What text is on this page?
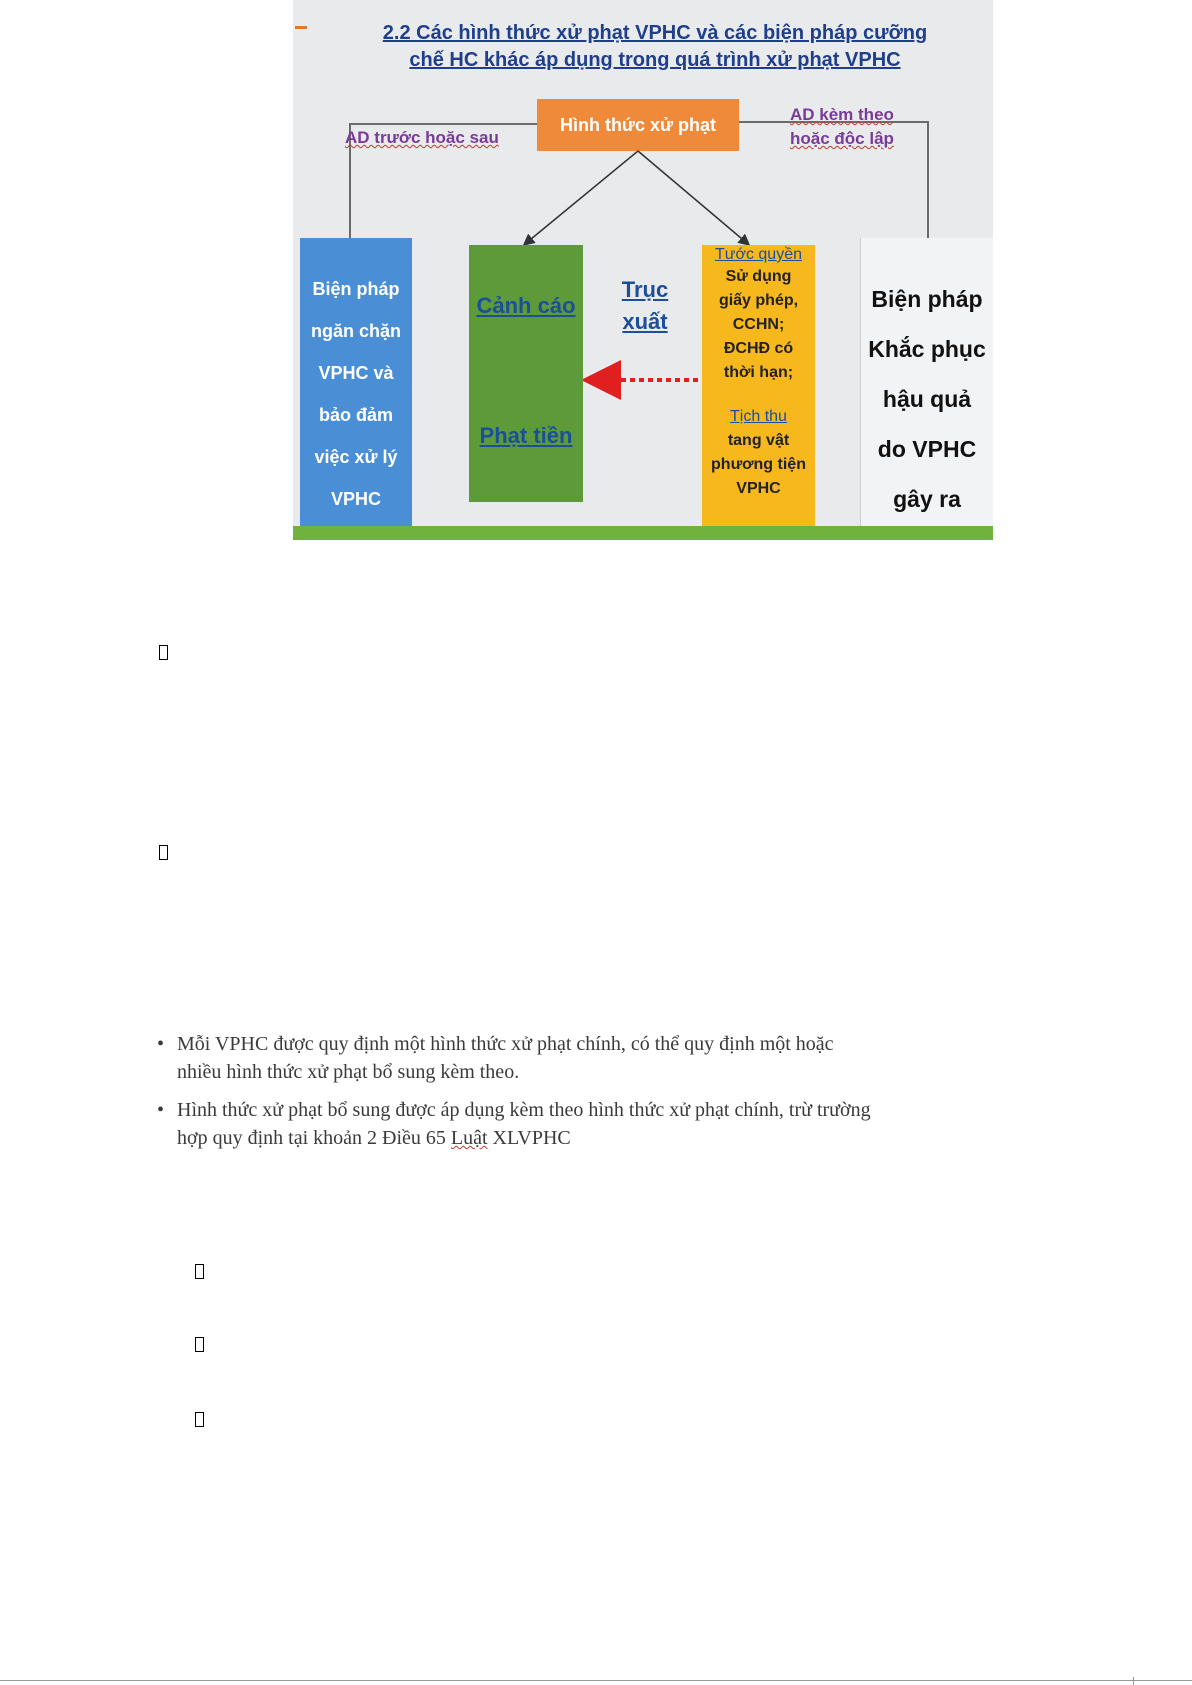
2.2 Các hình thức xử phạt VPHC và các biện pháp cưỡng
chế HC khác áp dụng trong quá trình xử phạt VPHC
Hình thức xử phạt
AD trước hoặc sau
AD kèm theo
hoặc độc lập
Biện pháp
ngăn chặn
VPHC và
bảo đảm
việc xử lý
VPHC
Cảnh cáo
Phạt tiền
Trục
xuất
Tước quyền
Sử dụng
giấy phép,
CCHN;
ĐCHĐ có
thời hạn;
Tịch thu
tang vật
phương tiện
VPHC
Biện pháp
Khắc phục
hậu quả
do VPHC
gây ra
• Mỗi VPHC được quy định một hình thức xử phạt chính, có thể quy định một hoặc nhiều hình thức xử phạt bổ sung kèm theo.
• Hình thức xử phạt bổ sung được áp dụng kèm theo hình thức xử phạt chính, trừ trường hợp quy định tại khoản 2 Điều 65 Luật XLVPHC
